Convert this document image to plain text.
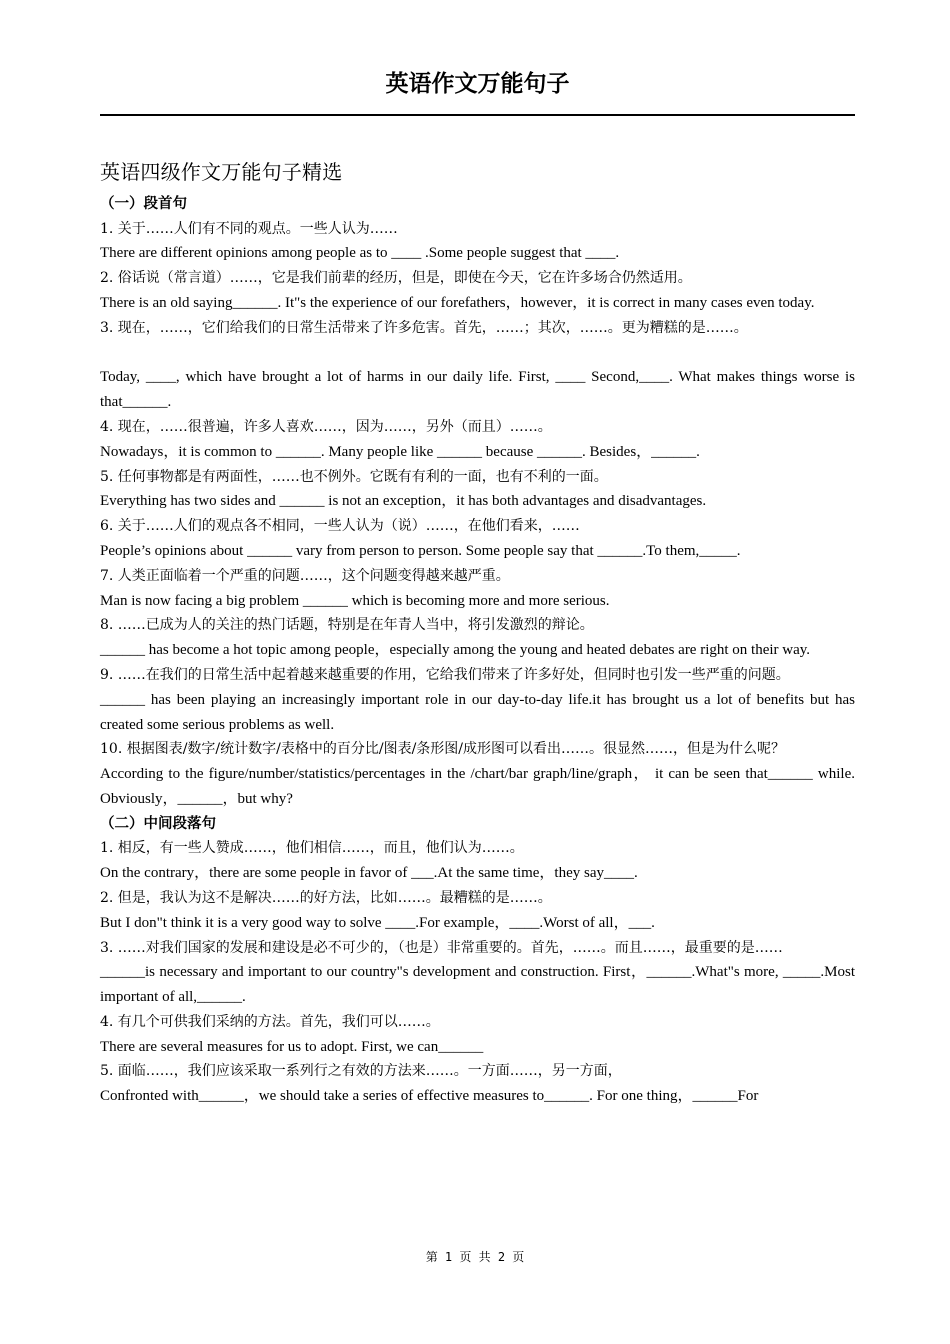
英语作文万能句子
英语四级作文万能句子精选

（一）段首句

1. 关于……人们有不同的观点。一些人认为……

There are different opinions among people as to ____ .Some people suggest that ____.

2. 俗话说（常言道）……，它是我们前辈的经历，但是，即使在今天，它在许多场合仍然适用。

There is an old saying______. It"s the experience of our forefathers，however，it is correct in many cases even today.

3. 现在，……，它们给我们的日常生活带来了许多危害。首先，……；其次，……。更为糟糕的是……。

Today, ____, which have brought a lot of harms in our daily life. First, ____ Second,____. What makes things worse is that______.

4. 现在，……很普遍，许多人喜欢……，因为……，另外（而且）……。

Nowadays，it is common to ______. Many people like ______ because ______. Besides，______.

5. 任何事物都是有两面性，……也不例外。它既有有利的一面，也有不利的一面。

Everything has two sides and ______ is not an exception，it has both advantages and disadvantages.

6. 关于……人们的观点各不相同，一些人认为（说）……，在他们看来，……

People’s opinions about ______ vary from person to person. Some people say that ______.To them,_____.

7. 人类正面临着一个严重的问题……，这个问题变得越来越严重。

Man is now facing a big problem ______ which is becoming more and more serious.

8. ……已成为人的关注的热门话题，特别是在年青人当中，将引发激烈的辩论。

______ has become a hot topic among people，especially among the young and heated debates are right on their way.

9. ……在我们的日常生活中起着越来越重要的作用，它给我们带来了许多好处，但同时也引发一些严重的问题。

______ has been playing an increasingly important role in our day-to-day life.it has brought us a lot of benefits but has created some serious problems as well.

10. 根据图表/数字/统计数字/表格中的百分比/图表/条形图/成形图可以看出……。很显然……，但是为什么呢？

According to the figure/number/statistics/percentages in the /chart/bar graph/line/graph， it can be seen that______ while. Obviously，______，but why?

（二）中间段落句

1. 相反，有一些人赞成……，他们相信……，而且，他们认为……。

On the contrary，there are some people in favor of ___.At the same time，they say____.

2. 但是，我认为这不是解决……的好方法，比如……。最糟糕的是……。

But I don"t think it is a very good way to solve ____.For example，____.Worst of all，___.

3. ……对我们国家的发展和建设是必不可少的，（也是）非常重要的。首先，……。而且……，最重要的是……

______is necessary and important to our country"s development and construction. First，______.What"s more, _____.Most important of all,______.

4. 有几个可供我们采纳的方法。首先，我们可以……。

There are several measures for us to adopt. First, we can______

5. 面临……，我们应该采取一系列行之有效的方法来……。一方面……，另一方面，

Confronted with______，we should take a series of effective measures to______. For one thing，______For

第 1 页 共 2 页
